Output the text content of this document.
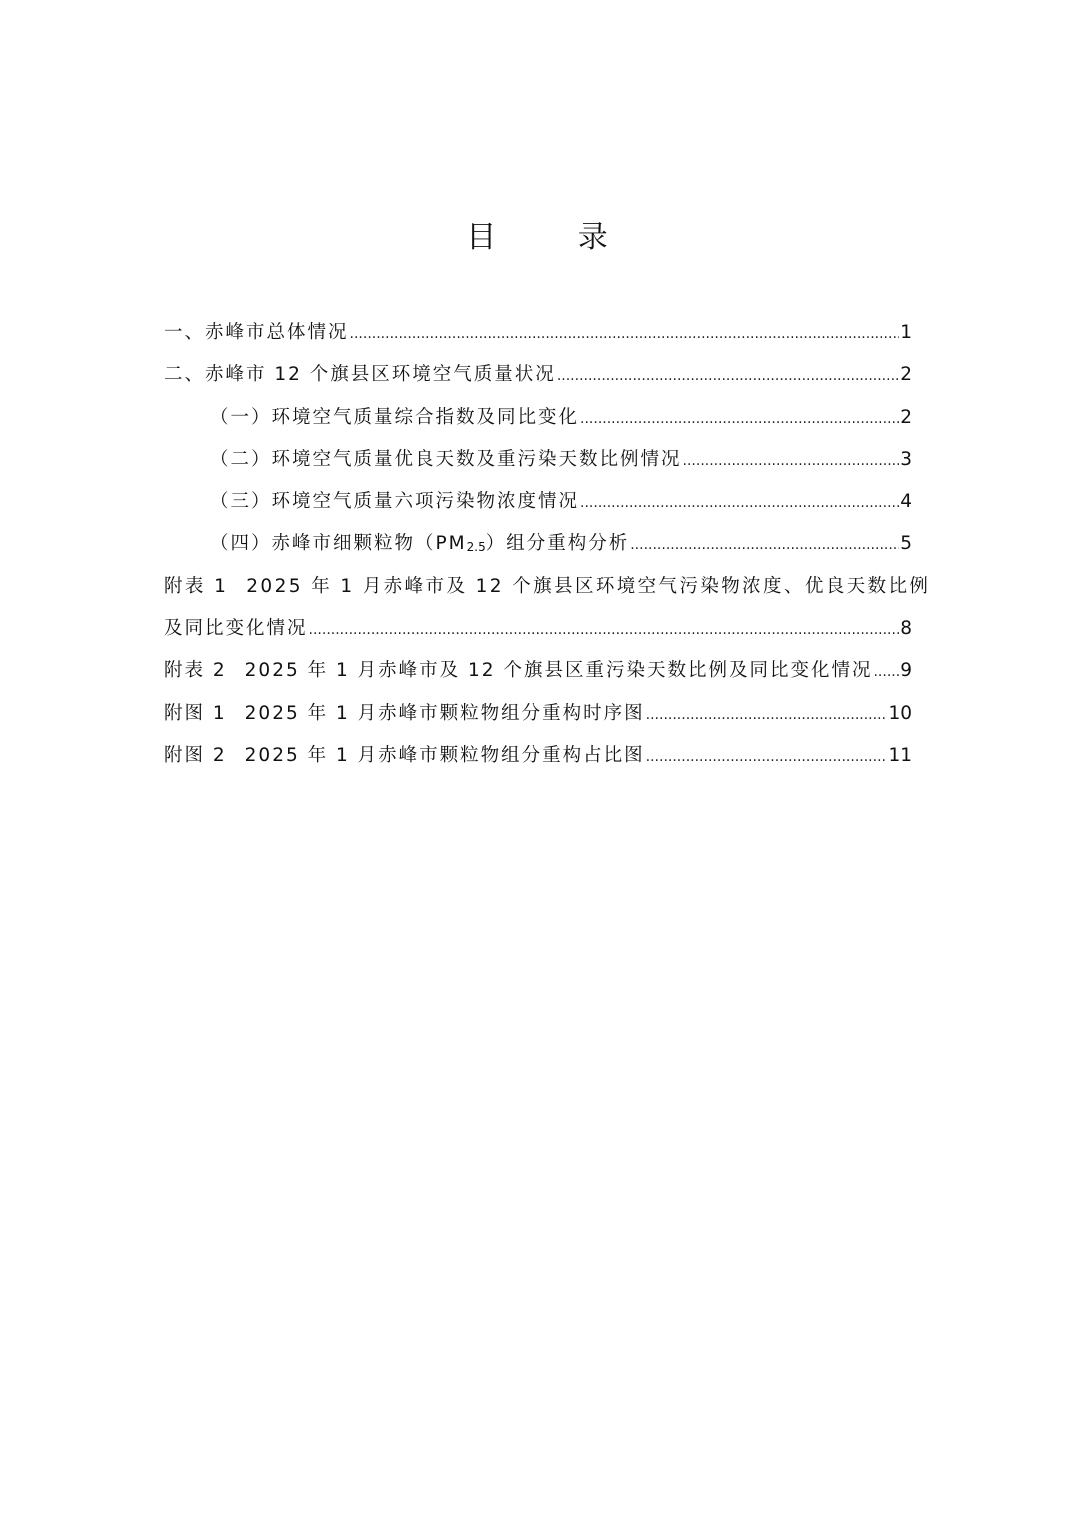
目 录
一、赤峰市总体情况 .....	1
二、赤峰市 12 个旗县区环境空气质量状况 .....	2
（一）环境空气质量综合指数及同比变化 .....	2
（二）环境空气质量优良天数及重污染天数比例情况 .....	3
（三）环境空气质量六项污染物浓度情况 .....	4
（四）赤峰市细颗粒物$(PM_{2.5})$组分重构分析 .....	5
附表 1 2025 年 1 月赤峰市及 12 个旗县区环境空气污染物浓度、优良天数比例
及同比变化情况 .....	8
附表 2 2025 年 1 月赤峰市及 12 个旗县区重污染天数比例及同比变化情况 ..... 9
附图 1 2025 年 1 月赤峰市颗粒物组分重构时序图 .....	10
附图 2 2025 年 1 月赤峰市颗粒物组分重构占比图 .....	11
